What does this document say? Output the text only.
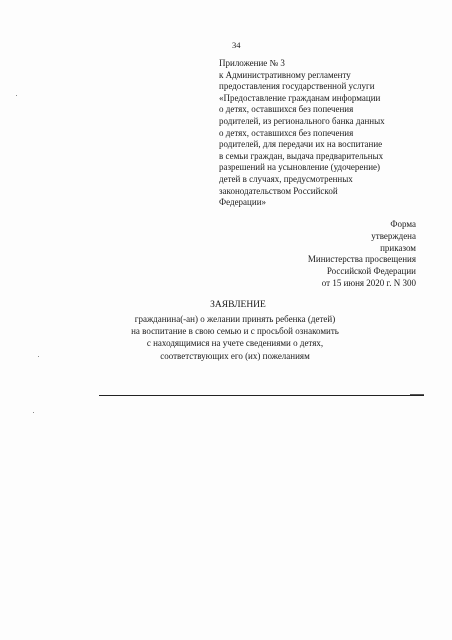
34
Приложение № 3
к Административному регламенту
предоставления государственной услуги
«Предоставление гражданам информации
о детях, оставшихся без попечения
родителей, из регионального банка данных
о детях, оставшихся без попечения
родителей, для передачи их на воспитание
в семьи граждан, выдача предварительных
разрешений на усыновление (удочерение)
детей в случаях, предусмотренных
законодательством Российской
Федерации»
Форма
утверждена
приказом
Министерства просвещения
Российской Федерации
от 15 июня 2020 г. N 300
ЗАЯВЛЕНИЕ
гражданина(-ан) о желании принять ребенка (детей)
на воспитание в свою семью и с просьбой ознакомить
с находящимися на учете сведениями о детях,
соответствующих его (их) пожеланиям
